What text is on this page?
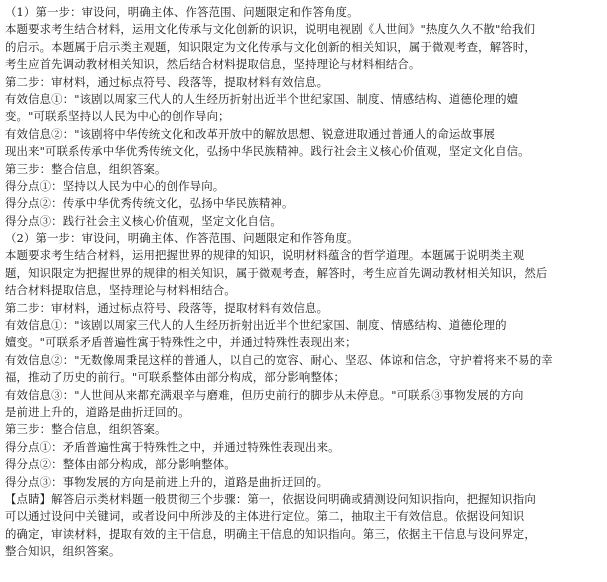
（1）第一步：审设问，明确主体、作答范围、问题限定和作答角度。
本题要求考生结合材料，运用文化传承与文化创新的识识，说明电视剧《人世间》"热度久久不散"给我们
的启示。本题属于启示类主观题，知识限定为文化传承与文化创新的相关知识，属于微观考查，解答时，
考生应首先调动教材相关知识，然后结合材料提取信息，坚持理论与材料相结合。
第二步：审材料，通过标点符号、段落等，提取材料有效信息。
有效信息①："该剧以周家三代人的人生经历折射出近半个世纪家国、制度、情感结构、道德伦理的嬗
变。"可联系坚持以人民为中心的创作导向；
有效信息②："该剧将中华传统文化和改革开放中的解放思想、锐意进取通过普通人的命运故事展
现出来"可联系传承中华优秀传统文化，弘扬中华民族精神。践行社会主义核心价值观，坚定文化自信。
第三步：整合信息，组织答案。
得分点①：坚持以人民为中心的创作导向。
得分点②：传承中华优秀传统文化，弘扬中华民族精神。
得分点③：践行社会主义核心价值观，坚定文化自信。
（2）第一步：审设问，明确主体、作答范围、问题限定和作答角度。
本题要求考生结合材料，运用把握世界的规律的知识，说明材料蕴含的哲学道理。本题属于说明类主观
题，知识限定为把握世界的规律的相关知识，属于微观考查，解答时，考生应首先调动教材相关知识，然后
结合材料提取信息，坚持理论与材料相结合。
第二步：审材料，通过标点符号、段落等，提取材料有效信息。
有效信息①："该剧以周家三代人的人生经历折射出近半个世纪家国、制度、情感结构、道德伦理的
嬗变。"可联系矛盾普遍性寓于特殊性之中，并通过特殊性表现出来；
有效信息②："无数像周秉昆这样的普通人，以自己的宽容、耐心、坚忍、体谅和信念，守护着将来不易的幸
福，推动了历史的前行。"可联系整体由部分构成，部分影响整体；
有效信息③："人世间从来都充满艰辛与磨难，但历史前行的脚步从未停息。"可联系③事物发展的方向
是前进上升的，道路是曲折迂回的。
第三步：整合信息，组织答案。
得分点①：矛盾普遍性寓于特殊性之中，并通过特殊性表现出来。
得分点②：整体由部分构成，部分影响整体。
得分点③：事物发展的方向是前进上升的，道路是曲折迂回的。
【点睛】解答启示类材料题一般贯彻三个步骤：第一，依据设问明确或猜测设问知识指向，把握知识指向
可以通过设问中关键词，或者设问中所涉及的主体进行定位。第二，抽取主干有效信息。依据设问知识
的确定，审读材料，提取有效的主干信息，明确主干信息的知识指向。第三，依据主干信息与设问界定，
整合知识，组织答案。
